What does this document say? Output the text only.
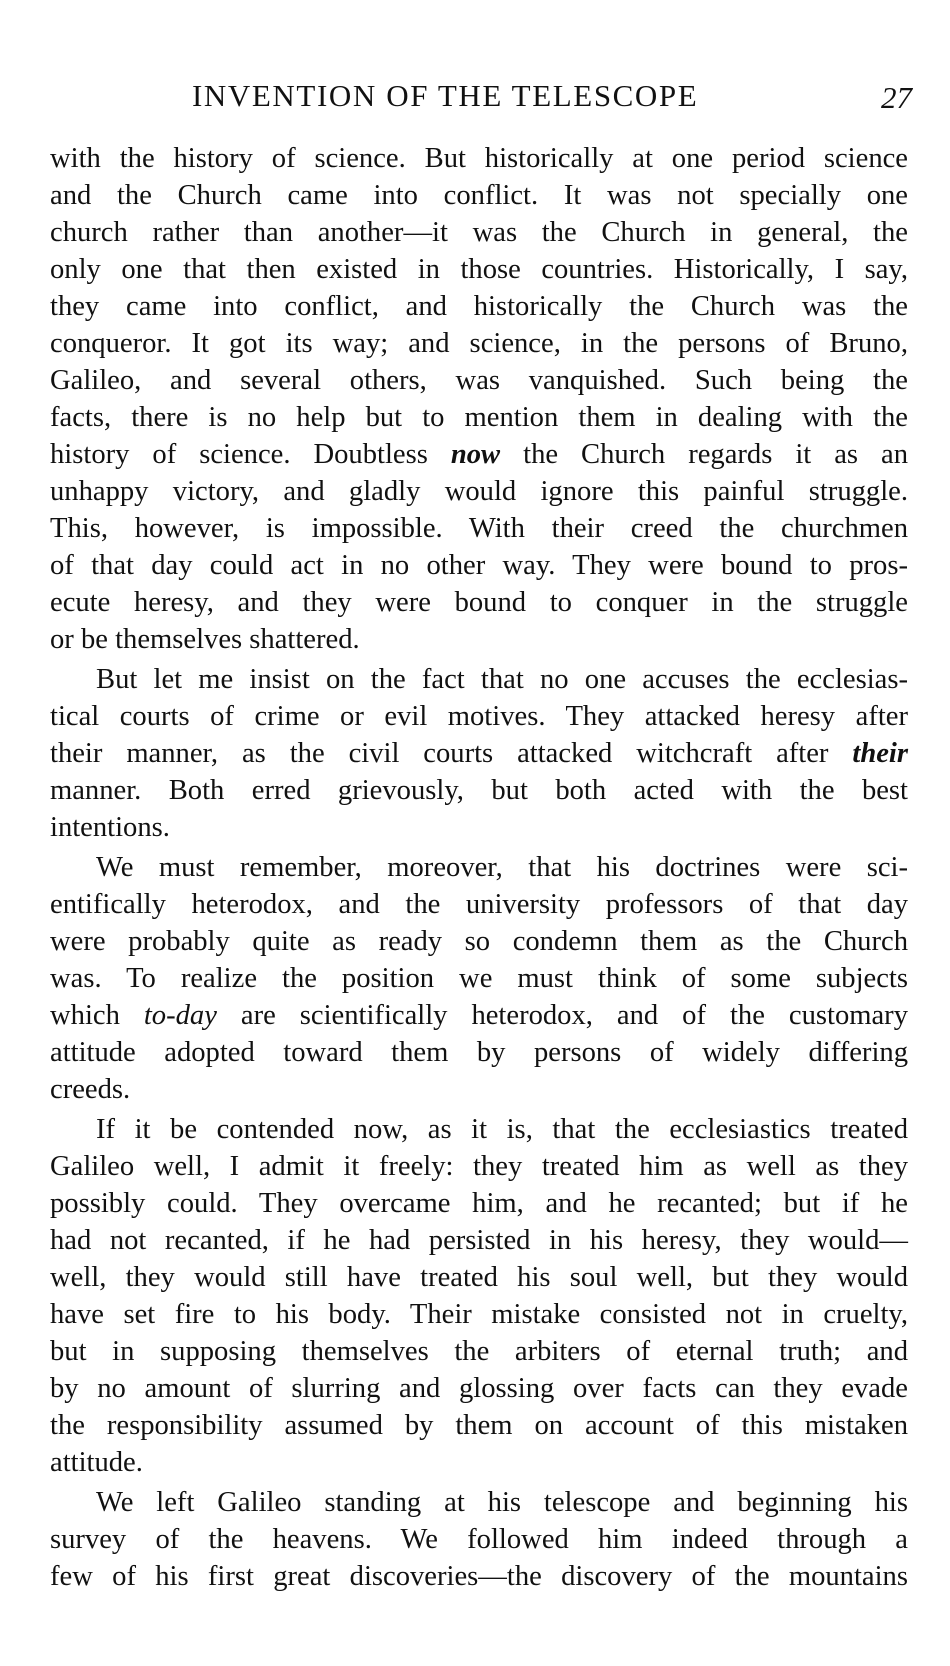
INVENTION OF THE TELESCOPE	27
with the history of science. But historically at one period science
and the Church came into conflict. It was not specially one
church rather than another—it was the Church in general, the
only one that then existed in those countries. Historically, I say,
they came into conflict, and historically the Church was the
conqueror. It got its way; and science, in the persons of Bruno,
Galileo, and several others, was vanquished. Such being the
facts, there is no help but to mention them in dealing with the
history of science. Doubtless now the Church regards it as an
unhappy victory, and gladly would ignore this painful struggle.
This, however, is impossible. With their creed the churchmen
of that day could act in no other way. They were bound to pros-
ecute heresy, and they were bound to conquer in the struggle
or be themselves shattered.
But let me insist on the fact that no one accuses the ecclesias-
tical courts of crime or evil motives. They attacked heresy after
their manner, as the civil courts attacked witchcraft after their
manner. Both erred grievously, but both acted with the best
intentions.
We must remember, moreover, that his doctrines were sci-
entifically heterodox, and the university professors of that day
were probably quite as ready so condemn them as the Church
was. To realize the position we must think of some subjects
which to-day are scientifically heterodox, and of the customary
attitude adopted toward them by persons of widely differing
creeds.
If it be contended now, as it is, that the ecclesiastics treated
Galileo well, I admit it freely: they treated him as well as they
possibly could. They overcame him, and he recanted; but if he
had not recanted, if he had persisted in his heresy, they would—
well, they would still have treated his soul well, but they would
have set fire to his body. Their mistake consisted not in cruelty,
but in supposing themselves the arbiters of eternal truth; and
by no amount of slurring and glossing over facts can they evade
the responsibility assumed by them on account of this mistaken
attitude.
We left Galileo standing at his telescope and beginning his
survey of the heavens. We followed him indeed through a
few of his first great discoveries—the discovery of the mountains
